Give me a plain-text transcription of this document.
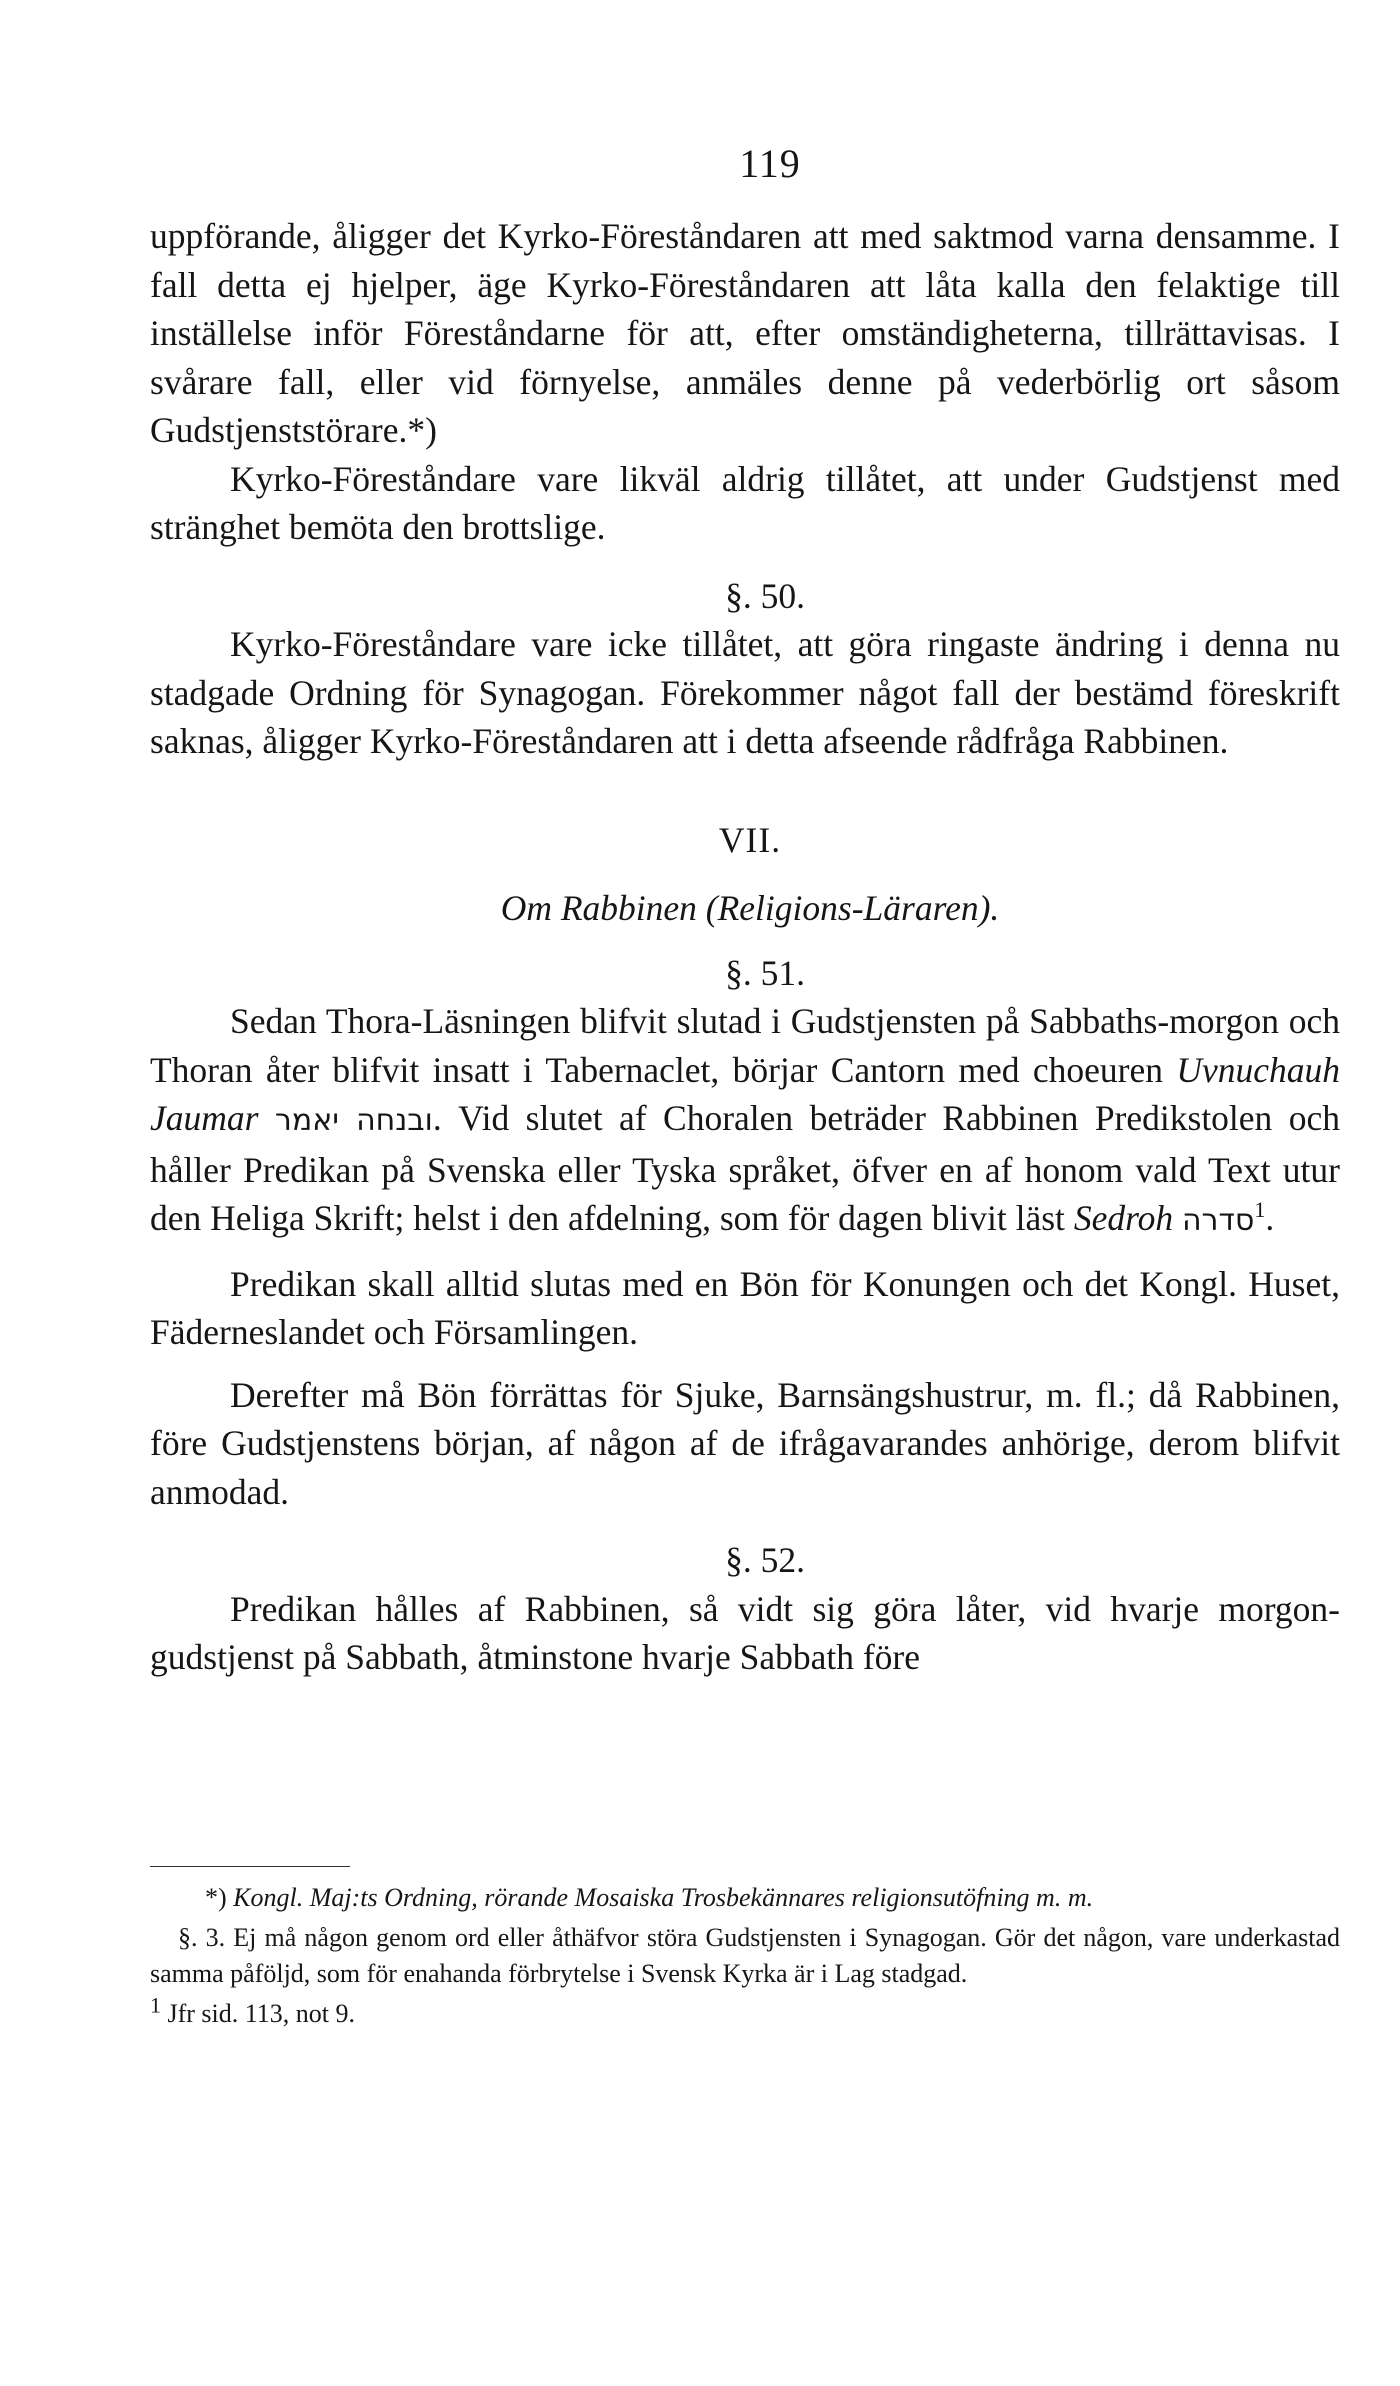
119

uppförande, åligger det Kyrko-Föreståndaren att med saktmod varna densamme. I fall detta ej hjelper, äge Kyrko-Föreståndaren att låta kalla den felaktige till inställelse inför Föreståndarne för att, efter omständigheterna, tillrättavisas. I svårare fall, eller vid förnyelse, anmäles denne på vederbörlig ort såsom Gudstjenststörare.*)

Kyrko-Föreståndare vare likväl aldrig tillåtet, att under Gudstjenst med stränghet bemöta den brottslige.

§. 50.

Kyrko-Föreståndare vare icke tillåtet, att göra ringaste ändring i denna nu stadgade Ordning för Synagogan. Förekommer något fall der bestämd föreskrift saknas, åligger Kyrko-Föreståndaren att i detta afseende rådfråga Rabbinen.

VII.

Om Rabbinen (Religions-Läraren).

§. 51.

Sedan Thora-Läsningen blifvit slutad i Gudstjensten på Sabbaths-morgon och Thoran åter blifvit insatt i Tabernaclet, börjar Cantorn med choeuren Uvnuchauh Jaumar ובנחה יאמר. Vid slutet af Choralen beträder Rabbinen Predikstolen och håller Predikan på Svenska eller Tyska språket, öfver en af honom vald Text utur den Heliga Skrift; helst i den afdelning, som för dagen blivit läst Sedroh סדרה$^1$.

Predikan skall alltid slutas med en Bön för Konungen och det Kongl. Huset, Fäderneslandet och Församlingen.

Derefter må Bön förrättas för Sjuke, Barnsängshustrur, m. fl.; då Rabbinen, före Gudstjenstens början, af någon af de ifrågavarandes anhörige, derom blifvit anmodad.

§. 52.

Predikan hålles af Rabbinen, så vidt sig göra låter, vid hvarje morgon-gudstjenst på Sabbath, åtminstone hvarje Sabbath före

*) Kongl. Maj:ts Ordning, rörande Mosaiska Trosbekännares religionsutöfning m. m.

§. 3. Ej må någon genom ord eller åthäfvor störa Gudstjensten i Synagogan. Gör det någon, vare underkastad samma påföljd, som för enahanda förbrytelse i Svensk Kyrka är i Lag stadgad.

$^1$ Jfr sid. 113, not 9.
